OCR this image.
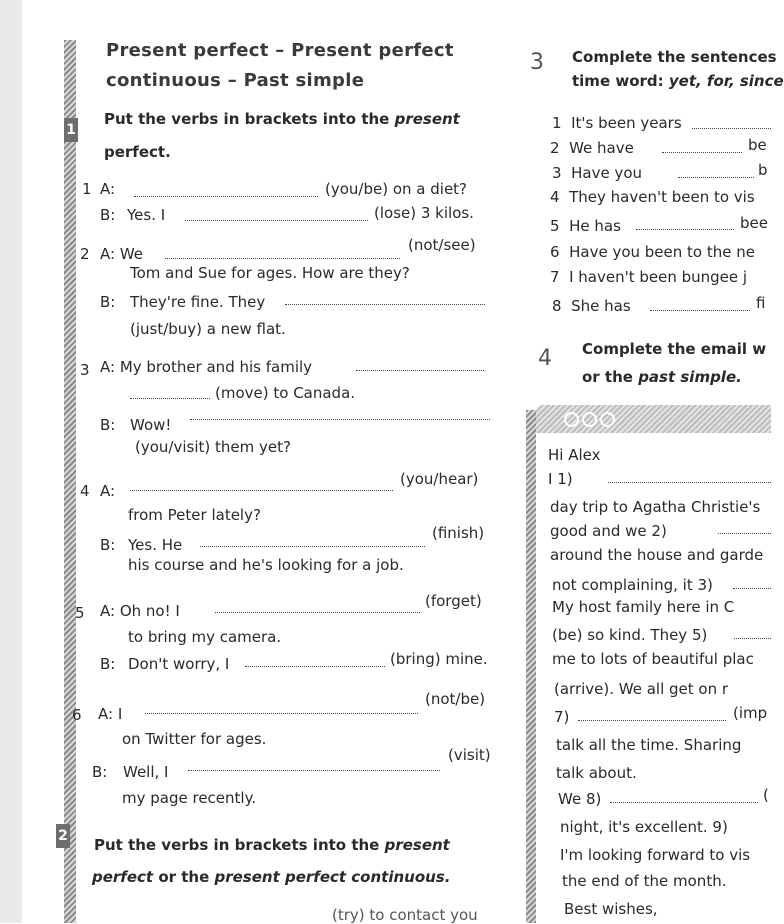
Present perfect – Present perfect
continuous – Past simple
1
Put the verbs in brackets into the present
perfect.
1 A:	(you/be) on a diet?
B: Yes. I	(lose) 3 kilos.
2 A: We	(not/see)
Tom and Sue for ages. How are they?
B: They're fine. They
(just/buy) a new flat.
3 A: My brother and his family
(move) to Canada.
B: Wow!
(you/visit) them yet?
4 A:
(you/hear)
from Peter lately?
B: Yes. He
(finish)
his course and he's looking for a job.
5 A: Oh no! I
(forget)
to bring my camera.
B: Don't worry, I	(bring) mine.
6 A: I
(not/be)
on Twitter for ages.
B: Well, I
(visit)
my page recently.
2 Put the verbs in brackets into the present
perfect or the present perfect continuous.
(try) to contact you
3 Complete the sentences
time word: yet, for, since
1 It's been years
2 We have	be
3 Have you	b
4 They haven't been to vis
5 He has	bee
6 Have you been to the ne
7 I haven't been bungee j
8 She has	fi
4 Complete the email w
or the past simple.
Hi Alex
I 1)
day trip to Agatha Christie's
good and we 2)
around the house and garde
not complaining, it 3)
My host family here in C
(be) so kind. They 5)
me to lots of beautiful plac
(arrive). We all get on r
7)	(imp
talk all the time. Sharing
talk about.
We 8)	(
night, it's excellent. 9)
I'm looking forward to vis
the end of the month.
Best wishes,
